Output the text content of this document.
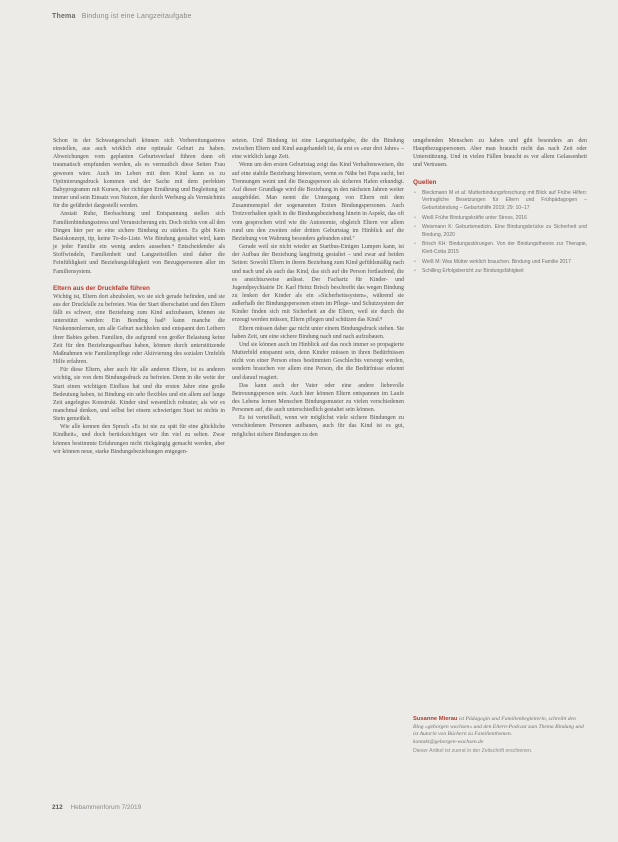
Thema Bindung ist eine Langzeitaufgabe

Schon in der Schwangerschaft können sich Vorbereitungsstress einstellen, aus auch wirklich eine optimale Geburt zu haben. Abweichungen vom geplanten Geburtsverlauf führen dann oft traumatisch empfunden werden, als es vermutlich diese Seiten Frau gewesen wäre. Auch im Leben mit dem Kind kann es zu Optimierungsdruck kommen und der Sache mit dem perfekten Babyprogramm mit Kursen, der richtigen Ernährung und Begleitung ist immer und sein Einsatz von Nutzen, der durch Werbung als Vermächtnis für die gefährdet dargestellt werden.

Anstatt Ruhe, Beobachtung und Entspannung stellen sich Familienbindungsstress und Verunsicherung ein. Doch nichts von all den Dingen hier per se eine sichere Bindung zu stärken. Es gibt Kein Basiskonzept, tip, keine To-do-Liste. Wie Bindung gestaltet wird, kann je jeder Familie ein wenig anders aussehen.⁴ Entscheidender als Stoffwindeln, Familienbett und Langzeitstillen sind daher die Feinfühligkeit und Beziehungsfähigkeit von Bezugspersonen aller im Familiensystem.

Eltern aus der Druckfalle führen

Wichtig ist, Eltern dort abzuholen, wo sie sich gerade befinden, und sie aus der Druckfalle zu befreien. Was der Start überschattet und den Eltern fällt es schwer, eine Beziehung zum Kind aufzubauen, können sie unterstützt werden: Ein Bonding bad⁵ kann manche die Neukennenlernen, um alle Geburt nachholen und entspannt den Leibern ihrer Babies geben. Familien, die aufgrund von großer Belastung keine Zeit für den Beziehungsaufbau haben, können durch unterstützende Maßnahmen wie Familienpflege oder Aktivierung des sozialen Umfelds Hilfe erfahren.

Für diese Eltern, aber auch für alle anderen Eltern, ist es anderen wichtig, sie von dem Bindungsdruck zu befreien. Denn in die weite der Start einen wichtigen Einfluss hat und die ersten Jahre eine große Bedeutung haben, ist Bindung ein sehr flexibles und ein allem auf lange Zeit angelegtes Konstrukt. Kinder sind wesentlich robuster, als wir es manchmal denken, und selbst bei einem schwierigen Start ist nichts in Stein gemeißelt.

Wie alle kennen den Spruch »Es ist nie zu spät für eine glückliche Kindheit«, und doch berücksichtigen wir ihn viel zu selten. Zwar können bestimmte Erfahrungen nicht rückgängig gemacht werden, aber wir können neue, starke Bindungsbeziehungen entgegen-

setzen. Und Bindung ist eine Langzeitaufgabe, die die Bindung zwischen Eltern und Kind ausgehandelt ist, da erst es »nur drei Jahre« – eine wirklich lange Zeit.

Wenn um den ersten Geburtstag zeigt das Kind Verhaltensweisen, die auf eine stabile Beziehung hinweisen, wenn es Nähe bei Papa sucht, bei Trennungen weint und die Bezugsperson als sicheren Hafen erkundigt. Auf dieser Grundlage wird die Beziehung in den nächsten Jahren weiter ausgebildet. Man nennt die Untergang von Eltern mit dem Zusammenspiel der sogenannten Ersten Bindungspersonen. Auch Trotzverhalten spielt in die Bindungsbeziehung hinein in Aspekt, das oft vom gesprochen wird wie die Autonomie, obgleich Eltern vor allem rund um den zweiten oder dritten Geburtstag im Hinblick auf die Beziehung von Wahrung besonders gebunden sind.⁷

Gerade weil sie nicht wieder an Startbus-Einigen Lumpen kann, ist der Aufbau der Beziehung langfristig gestaltet – und zwar auf beiden Seiten: Sowohl Eltern in ihrem Beziehung zum Kind gefühlsmäßig nach und nach und als auch das Kind, das sich auf die Person fortlaufend, die es ansichtszweise anlässt. Der Fachartz für Kinder- und Jugendpsychiatrie Dr. Karl Heinz Brisch beschreibt das wegen Bindung zu lenken der Kinder als ein »Sicherheitssystem«, während sie außerhalb der Bindungspersonen einen im Pflege- und Schutzsystem der Kinder finden sich mit Sicherheit an die Eltern, weil sie durch die erzeugt werden müssen, Eltern pflegen und schützen das Kind.⁸

Eltern müssen daher gar nicht unter einem Bindungsdruck stehen. Sie haben Zeit, um eine sichere Bindung nach und nach aufzubauen.

Und sie können auch im Hinblick auf das noch immer so propagierte Mutterbild entspannt sein, denn Kinder müssen in ihren Bedürfnissen nicht von einer Person eines bestimmten Geschlechts versorgt werden, sondern brauchen vor allem eine Person, die die Bedürfnisse erkennt und darauf reagiert.

Das kann auch der Vater oder eine andere liebevolle Betreuungsperson sein. Auch hier können Eltern entspannen im Laufe des Lebens lernen Menschen Bindungsmuster zu vielen verschiedenen Personen auf, die auch unterschiedlich gestaltet sein können.

Es ist vorteilhaft, wenn wir möglichst viele sichere Bindungen zu verschiedenen Personen aufbauen, auch für das Kind ist es gut, möglichst sichere Bindungen zu den

umgebenden Menschen zu haben und gibt besonders an den Hauptbezugspersonen. Aber man braucht nicht das nach Zeit oder Unterstützung. Und in vielen Fällen braucht es vor allem Gelassenheit und Vertrauen.

Quellen
• Bleckmann M et al: Mutterbindungsforschung mit Blick auf Frühe Hilfen: Vertragliche Besetzungen für Eltern und Frühpädagogen – Geburtsbindung – Geburtshilfe 2019; 29: 10–17
• Weiß Frühe Bindungskräfte unter Stress, 2016
• Weismann K: Geburtsmedizin. Eine Bindungsbrücke zu Sicherheit und Bindung, 2020
• Brisch KH: Bindungsstörungen. Von der Bindungstheorie zur Therapie, Klett-Cotta 2015
• Weiß M: Was Mütter wirklich brauchen. Bindung und Familie 2017
• Schilling Erfolgsbericht zur Bindungsfähigkeit
Susanne Mierau ist Pädagogin und Familienbegleiterin, schreibt den Blog »geborgen wachsen« und den Eltern-Podcast zum Thema Bindung und ist Autorin von Büchern zu Familienthemen.
kontakt@geborgen-wachsen.de
Dieser Artikel ist zuerst in der Zeitschrift erschienen.
212 Hebammenforum 7/2019
